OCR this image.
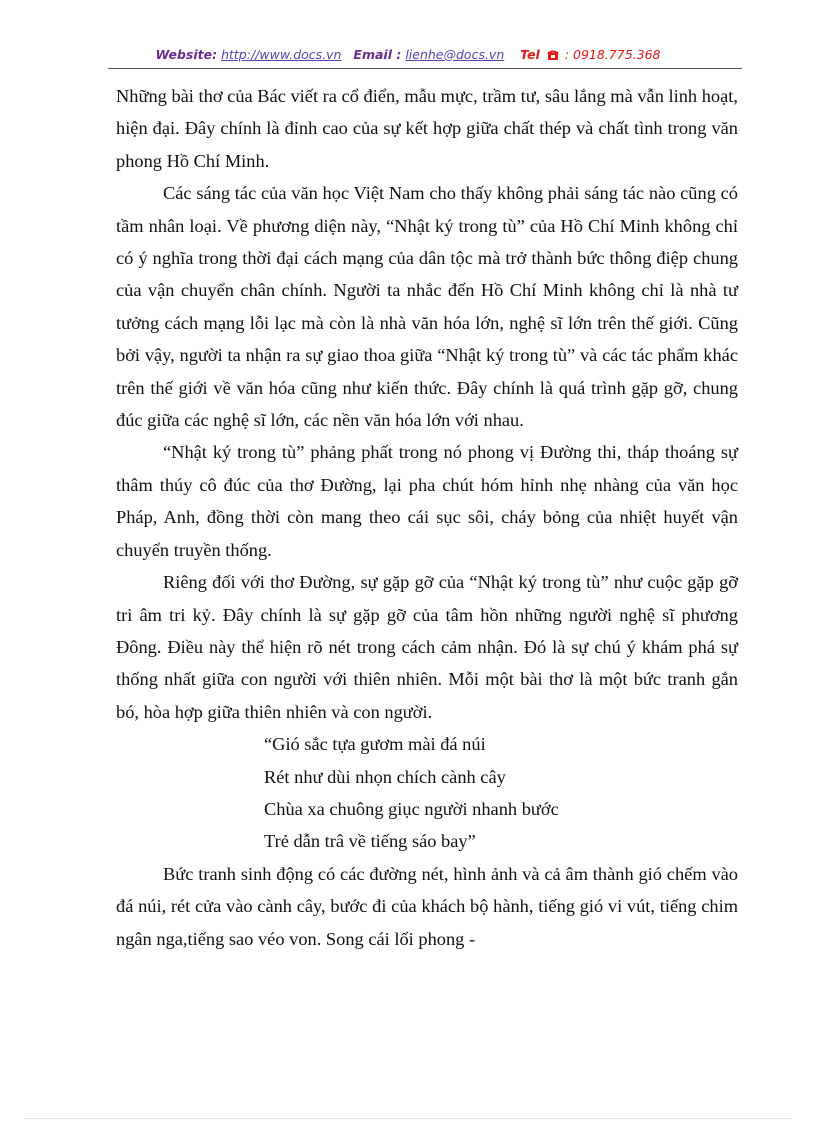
Website: http://www.docs.vn Email : lienhe@docs.vn Tel : 0918.775.368

Những bài thơ của Bác viết ra cổ điển, mẫu mực, trầm tư, sâu lắng mà vẫn linh hoạt, hiện đại. Đây chính là đỉnh cao của sự kết hợp giữa chất thép và chất tình trong văn phong Hồ Chí Minh.

Các sáng tác của văn học Việt Nam cho thấy không phải sáng tác nào cũng có tầm nhân loại. Về phương diện này, “Nhật ký trong tù” của Hồ Chí Minh không chỉ có ý nghĩa trong thời đại cách mạng của dân tộc mà trở thành bức thông điệp chung của vận chuyển chân chính. Người ta nhắc đến Hồ Chí Minh không chỉ là nhà tư tưởng cách mạng lỗi lạc mà còn là nhà văn hóa lớn, nghệ sĩ lớn trên thế giới. Cũng bởi vậy, người ta nhận ra sự giao thoa giữa “Nhật ký trong tù” và các tác phẩm khác trên thế giới về văn hóa cũng như kiến thức. Đây chính là quá trình gặp gỡ, chung đúc giữa các nghệ sĩ lớn, các nền văn hóa lớn với nhau.

“Nhật ký trong tù” phảng phất trong nó phong vị Đường thi, tháp thoáng sự thâm thúy cô đúc của thơ Đường, lại pha chút hóm hỉnh nhẹ nhàng của văn học Pháp, Anh, đồng thời còn mang theo cái sục sôi, cháy bỏng của nhiệt huyết vận chuyển truyền thống.

Riêng đối với thơ Đường, sự gặp gỡ của “Nhật ký trong tù” như cuộc gặp gỡ tri âm tri kỷ. Đây chính là sự gặp gỡ của tâm hồn những người nghệ sĩ phương Đông. Điều này thể hiện rõ nét trong cách cảm nhận. Đó là sự chú ý khám phá sự thống nhất giữa con người với thiên nhiên. Mỗi một bài thơ là một bức tranh gắn bó, hòa hợp giữa thiên nhiên và con người.

“Gió sắc tựa gươm mài đá núi
Rét như dùi nhọn chích cành cây
Chùa xa chuông giục người nhanh bước
Trẻ dẫn trâ về tiếng sáo bay”

Bức tranh sinh động có các đường nét, hình ảnh và cả âm thành gió chếm vào đá núi, rét cửa vào cành cây, bước đi của khách bộ hành, tiếng gió vi vút, tiếng chim ngân nga,tiếng sao véo von. Song cái lối phong -
